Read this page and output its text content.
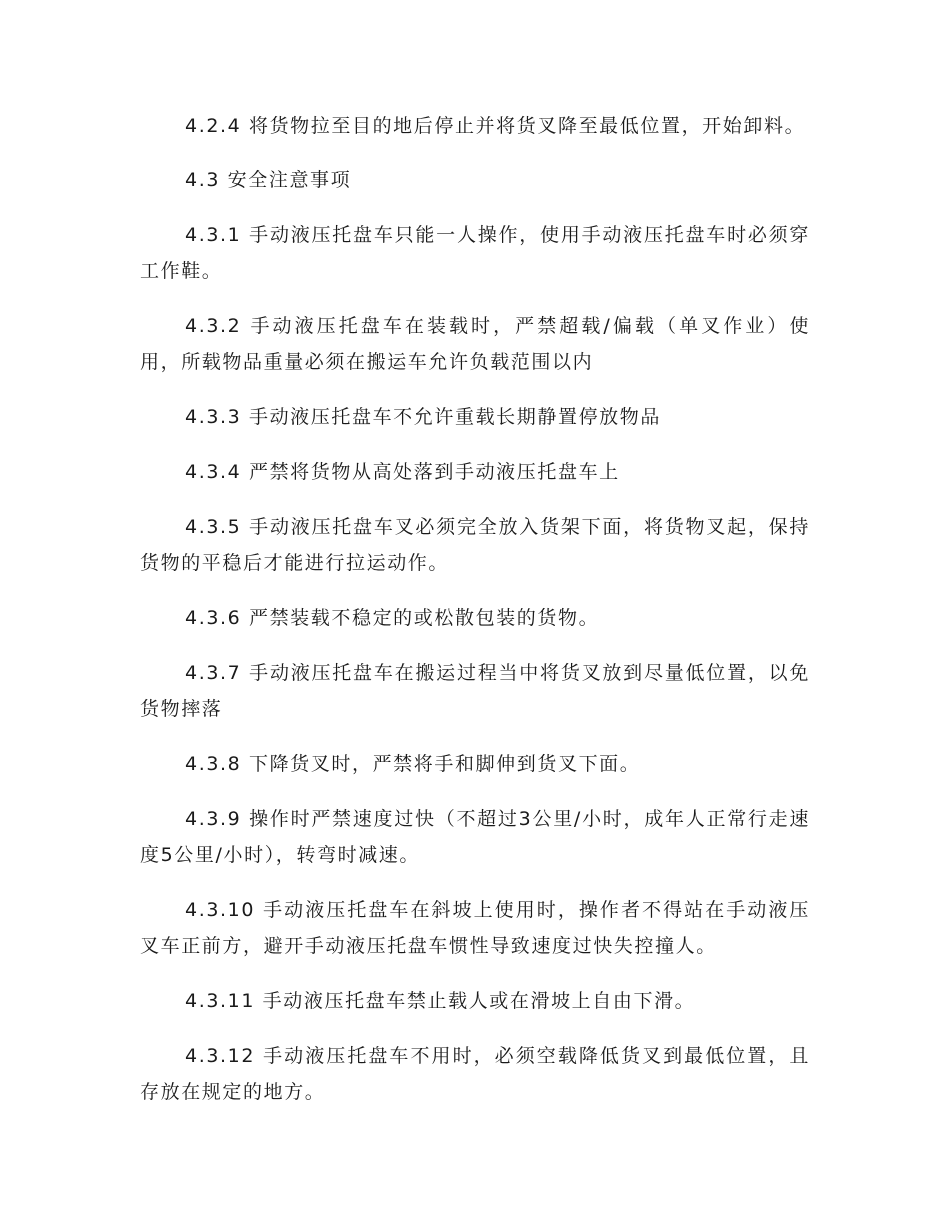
4.2.4 将货物拉至目的地后停止并将货叉降至最低位置，开始卸料。

4.3 安全注意事项

4.3.1 手动液压托盘车只能一人操作，使用手动液压托盘车时必须穿工作鞋。

4.3.2 手动液压托盘车在装载时，严禁超载/偏载（单叉作业）使用，所载物品重量必须在搬运车允许负载范围以内

4.3.3 手动液压托盘车不允许重载长期静置停放物品

4.3.4 严禁将货物从高处落到手动液压托盘车上

4.3.5 手动液压托盘车叉必须完全放入货架下面，将货物叉起，保持货物的平稳后才能进行拉运动作。

4.3.6 严禁装载不稳定的或松散包装的货物。

4.3.7 手动液压托盘车在搬运过程当中将货叉放到尽量低位置，以免货物摔落

4.3.8 下降货叉时，严禁将手和脚伸到货叉下面。

4.3.9 操作时严禁速度过快（不超过3公里/小时，成年人正常行走速度5公里/小时），转弯时减速。

4.3.10 手动液压托盘车在斜坡上使用时，操作者不得站在手动液压叉车正前方，避开手动液压托盘车惯性导致速度过快失控撞人。

4.3.11 手动液压托盘车禁止载人或在滑坡上自由下滑。

4.3.12 手动液压托盘车不用时，必须空载降低货叉到最低位置，且存放在规定的地方。
